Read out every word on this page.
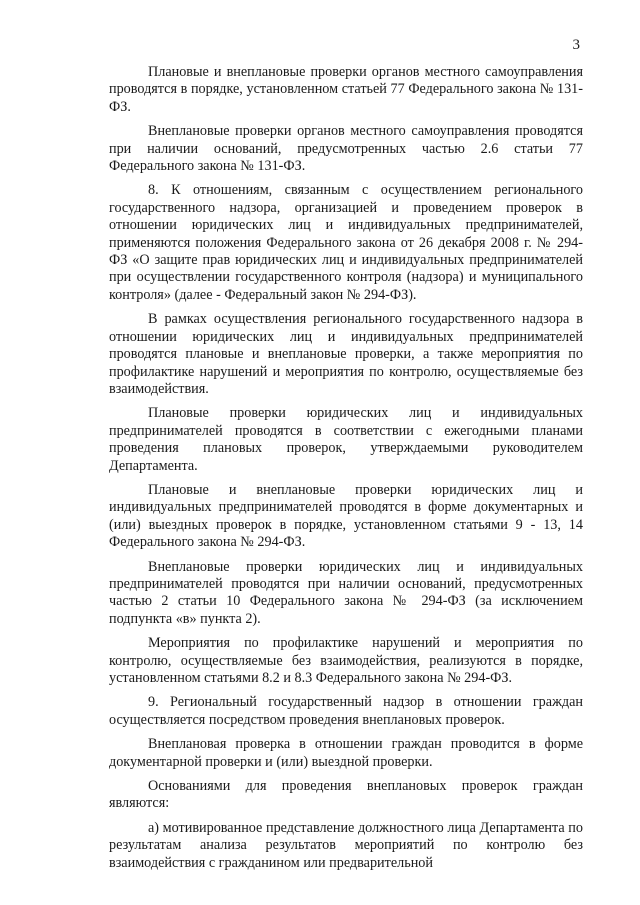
3

Плановые и внеплановые проверки органов местного самоуправления проводятся в порядке, установленном статьей 77 Федерального закона № 131-ФЗ.

Внеплановые проверки органов местного самоуправления проводятся при наличии оснований, предусмотренных частью 2.6 статьи 77 Федерального закона № 131-ФЗ.

8. К отношениям, связанным с осуществлением регионального государственного надзора, организацией и проведением проверок в отношении юридических лиц и индивидуальных предпринимателей, применяются положения Федерального закона от 26 декабря 2008 г. № 294-ФЗ «О защите прав юридических лиц и индивидуальных предпринимателей при осуществлении государственного контроля (надзора) и муниципального контроля» (далее - Федеральный закон № 294-ФЗ).

В рамках осуществления регионального государственного надзора в отношении юридических лиц и индивидуальных предпринимателей проводятся плановые и внеплановые проверки, а также мероприятия по профилактике нарушений и мероприятия по контролю, осуществляемые без взаимодействия.

Плановые проверки юридических лиц и индивидуальных предпринимателей проводятся в соответствии с ежегодными планами проведения плановых проверок, утверждаемыми руководителем Департамента.

Плановые и внеплановые проверки юридических лиц и индивидуальных предпринимателей проводятся в форме документарных и (или) выездных проверок в порядке, установленном статьями 9 - 13, 14 Федерального закона № 294-ФЗ.

Внеплановые проверки юридических лиц и индивидуальных предпринимателей проводятся при наличии оснований, предусмотренных частью 2 статьи 10 Федерального закона № 294-ФЗ (за исключением подпункта «в» пункта 2).

Мероприятия по профилактике нарушений и мероприятия по контролю, осуществляемые без взаимодействия, реализуются в порядке, установленном статьями 8.2 и 8.3 Федерального закона № 294-ФЗ.

9. Региональный государственный надзор в отношении граждан осуществляется посредством проведения внеплановых проверок.

Внеплановая проверка в отношении граждан проводится в форме документарной проверки и (или) выездной проверки.

Основаниями для проведения внеплановых проверок граждан являются:

а) мотивированное представление должностного лица Департамента по результатам анализа результатов мероприятий по контролю без взаимодействия с гражданином или предварительной
